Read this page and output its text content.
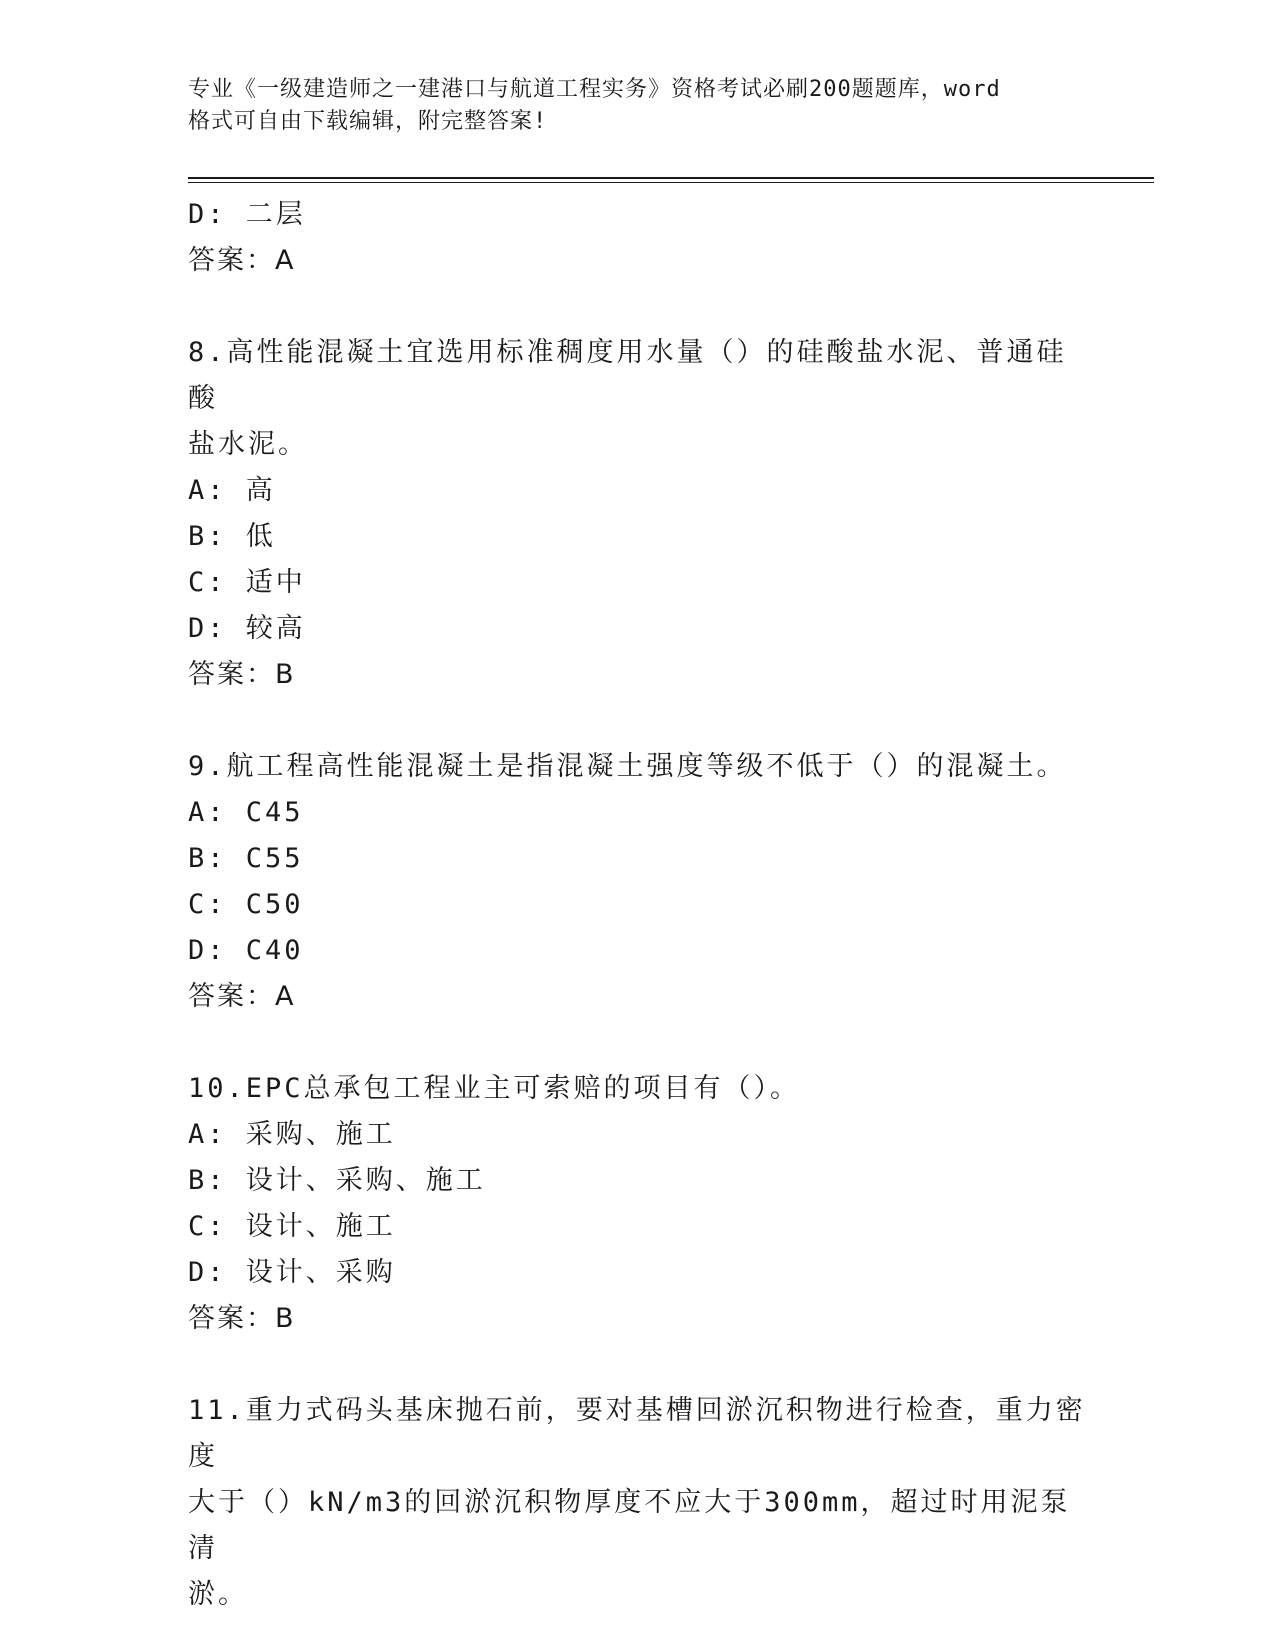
专业《一级建造师之一建港口与航道工程实务》资格考试必刷200题题库，word
格式可自由下载编辑，附完整答案!
D: 二层
答案：A
8.高性能混凝土宜选用标准稠度用水量（）的硅酸盐水泥、普通硅酸
盐水泥。
A: 高
B: 低
C: 适中
D: 较高
答案：B
9.航工程高性能混凝土是指混凝土强度等级不低于（）的混凝土。
A: C45
B: C55
C: C50
D: C40
答案：A
10.EPC总承包工程业主可索赔的项目有（）。
A: 采购、施工
B: 设计、采购、施工
C: 设计、施工
D: 设计、采购
答案：B
11.重力式码头基床抛石前，要对基槽回淤沉积物进行检查，重力密度
大于（）kN/m3的回淤沉积物厚度不应大于300mm，超过时用泥泵清
淤。
